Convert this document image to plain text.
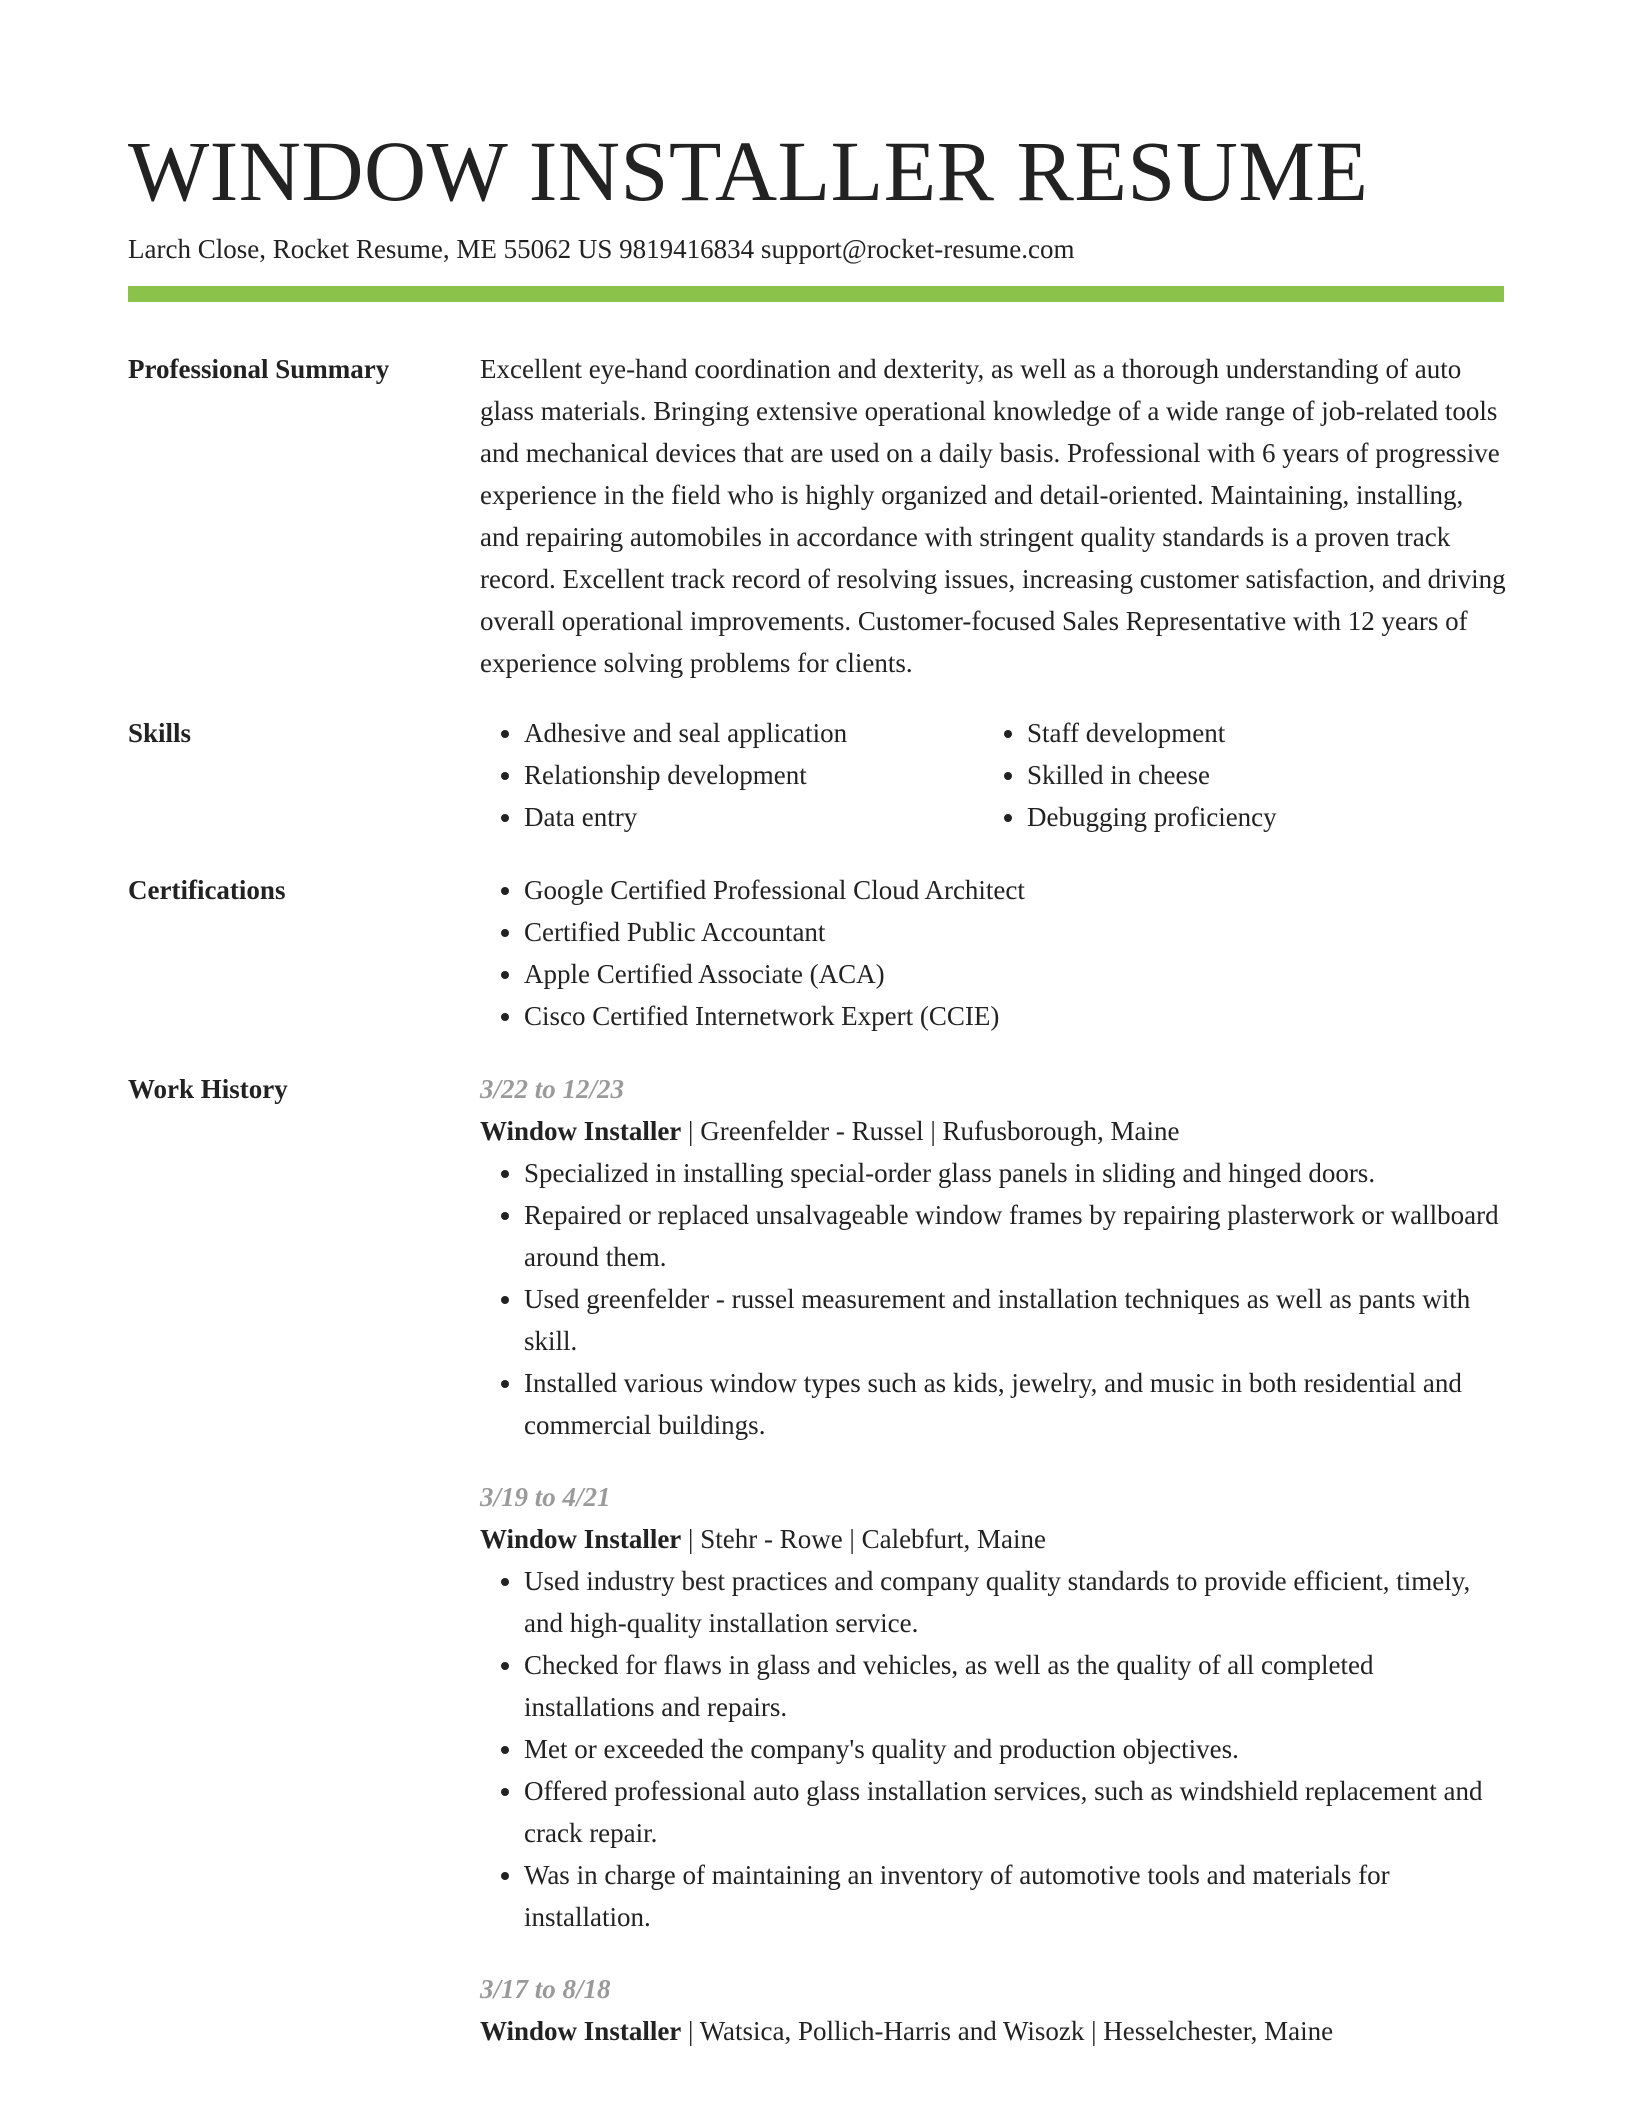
WINDOW INSTALLER RESUME
Larch Close, Rocket Resume, ME 55062 US 9819416834 support@rocket-resume.com
Professional Summary	Excellent eye-hand coordination and dexterity, as well as a thorough understanding of auto glass materials. Bringing extensive operational knowledge of a wide range of job-related tools and mechanical devices that are used on a daily basis. Professional with 6 years of progressive experience in the field who is highly organized and detail-oriented. Maintaining, installing, and repairing automobiles in accordance with stringent quality standards is a proven track record. Excellent track record of resolving issues, increasing customer satisfaction, and driving overall operational improvements. Customer-focused Sales Representative with 12 years of experience solving problems for clients.

Skills	• Adhesive and seal application
• Relationship development
• Data entry
• Staff development
• Skilled in cheese
• Debugging proficiency
Certifications	• Google Certified Professional Cloud Architect
• Certified Public Accountant
• Apple Certified Associate (ACA)
• Cisco Certified Internetwork Expert (CCIE)
Work History	3/22 to 12/23
Window Installer | Greenfelder - Russel | Rufusborough, Maine
• Specialized in installing special-order glass panels in sliding and hinged doors.
• Repaired or replaced unsalvageable window frames by repairing plasterwork or wallboard around them.
• Used greenfelder - russel measurement and installation techniques as well as pants with skill.
• Installed various window types such as kids, jewelry, and music in both residential and commercial buildings.
3/19 to 4/21
Window Installer | Stehr - Rowe | Calebfurt, Maine
• Used industry best practices and company quality standards to provide efficient, timely, and high-quality installation service.
• Checked for flaws in glass and vehicles, as well as the quality of all completed installations and repairs.
• Met or exceeded the company's quality and production objectives.
• Offered professional auto glass installation services, such as windshield replacement and crack repair.
• Was in charge of maintaining an inventory of automotive tools and materials for installation.
3/17 to 8/18
Window Installer | Watsica, Pollich-Harris and Wisozk | Hesselchester, Maine
